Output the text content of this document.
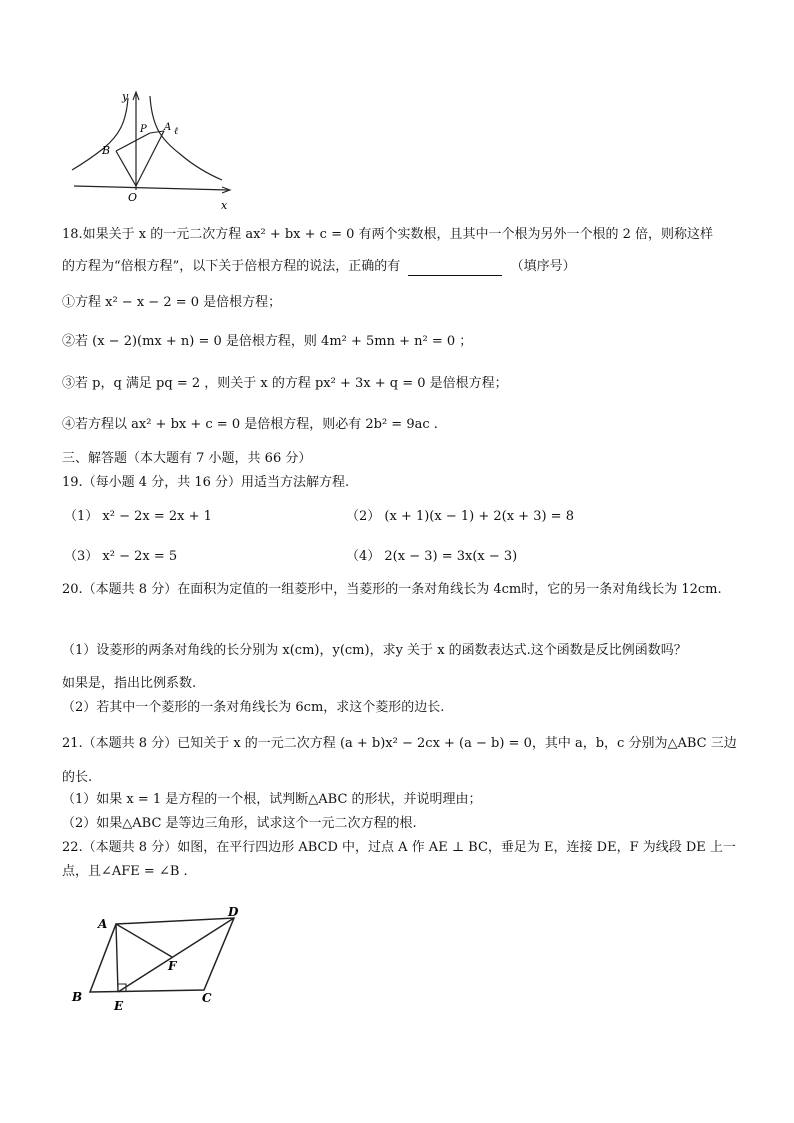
y
x
O
A
B
P	ℓ
18.如果关于 x 的一元二次方程 ax² + bx + c = 0 有两个实数根，且其中一个根为另外一个根的 2 倍，则称这样
的方程为“倍根方程”，以下关于倍根方程的说法，正确的有	（填序号）
①方程 x² − x − 2 = 0 是倍根方程；
②若 (x − 2)(mx + n) = 0 是倍根方程，则 4m² + 5mn + n² = 0 ；
③若 p，q 满足 pq = 2 ，则关于 x 的方程 px² + 3x + q = 0 是倍根方程；
④若方程以 ax² + bx + c = 0 是倍根方程，则必有 2b² = 9ac .
三、解答题（本大题有 7 小题，共 66 分）
19.（每小题 4 分，共 16 分）用适当方法解方程.
（1） x² − 2x = 2x + 1	（2） (x + 1)(x − 1) + 2(x + 3) = 8
（3） x² − 2x = 5	（4） 2(x − 3) = 3x(x − 3)
20.（本题共 8 分）在面积为定值的一组菱形中，当菱形的一条对角线长为 4cm时，它的另一条对角线长为 12cm.
（1）设菱形的两条对角线的长分别为 x(cm)，y(cm)，求y 关于 x 的函数表达式.这个函数是反比例函数吗？
如果是，指出比例系数.
（2）若其中一个菱形的一条对角线长为 6cm，求这个菱形的边长.
21.（本题共 8 分）已知关于 x 的一元二次方程 (a + b)x² − 2cx + (a − b) = 0，其中 a，b，c 分别为△ABC 三边的长.
（1）如果 x = 1 是方程的一个根，试判断△ABC 的形状，并说明理由；
（2）如果△ABC 是等边三角形，试求这个一元二次方程的根.
22.（本题共 8 分）如图，在平行四边形 ABCD 中，过点 A 作 AE ⊥ BC，垂足为 E，连接 DE，F 为线段 DE 上一点，且∠AFE = ∠B .
A
B	C
D
E
F
